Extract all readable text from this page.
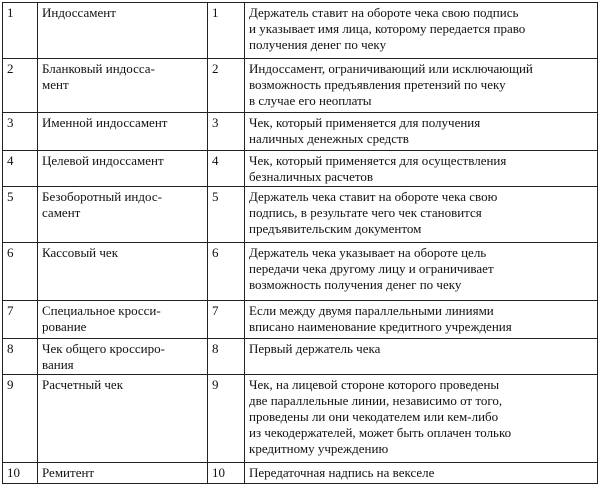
1	Индоссамент	1	Держатель ставит на обороте чека свою подпись
и указывает имя лица, которому передается право
получения денег по чеку
2	Бланковый индосса-
мент	2	Индоссамент, ограничивающий или исключающий
возможность предъявления претензий по чеку
в случае его неоплаты
3	Именной индоссамент	3	Чек, который применяется для получения
наличных денежных средств
4	Целевой индоссамент	4	Чек, который применяется для осуществления
безналичных расчетов
5	Безоборотный индос-
самент	5	Держатель чека ставит на обороте чека свою
подпись, в результате чего чек становится
предъявительским документом
6	Кассовый чек	6	Держатель чека указывает на обороте цель
передачи чека другому лицу и ограничивает
возможность получения денег по чеку
7	Специальное кросси-
рование	7	Если между двумя параллельными линиями
вписано наименование кредитного учреждения
8	Чек общего кроссиро-
вания	8	Первый держатель чека
9	Расчетный чек	9	Чек, на лицевой стороне которого проведены
две параллельные линии, независимо от того,
проведены ли они чекодателем или кем-либо
из чекодержателей, может быть оплачен только
кредитному учреждению
10	Ремитент	10	Передаточная надпись на векселе
